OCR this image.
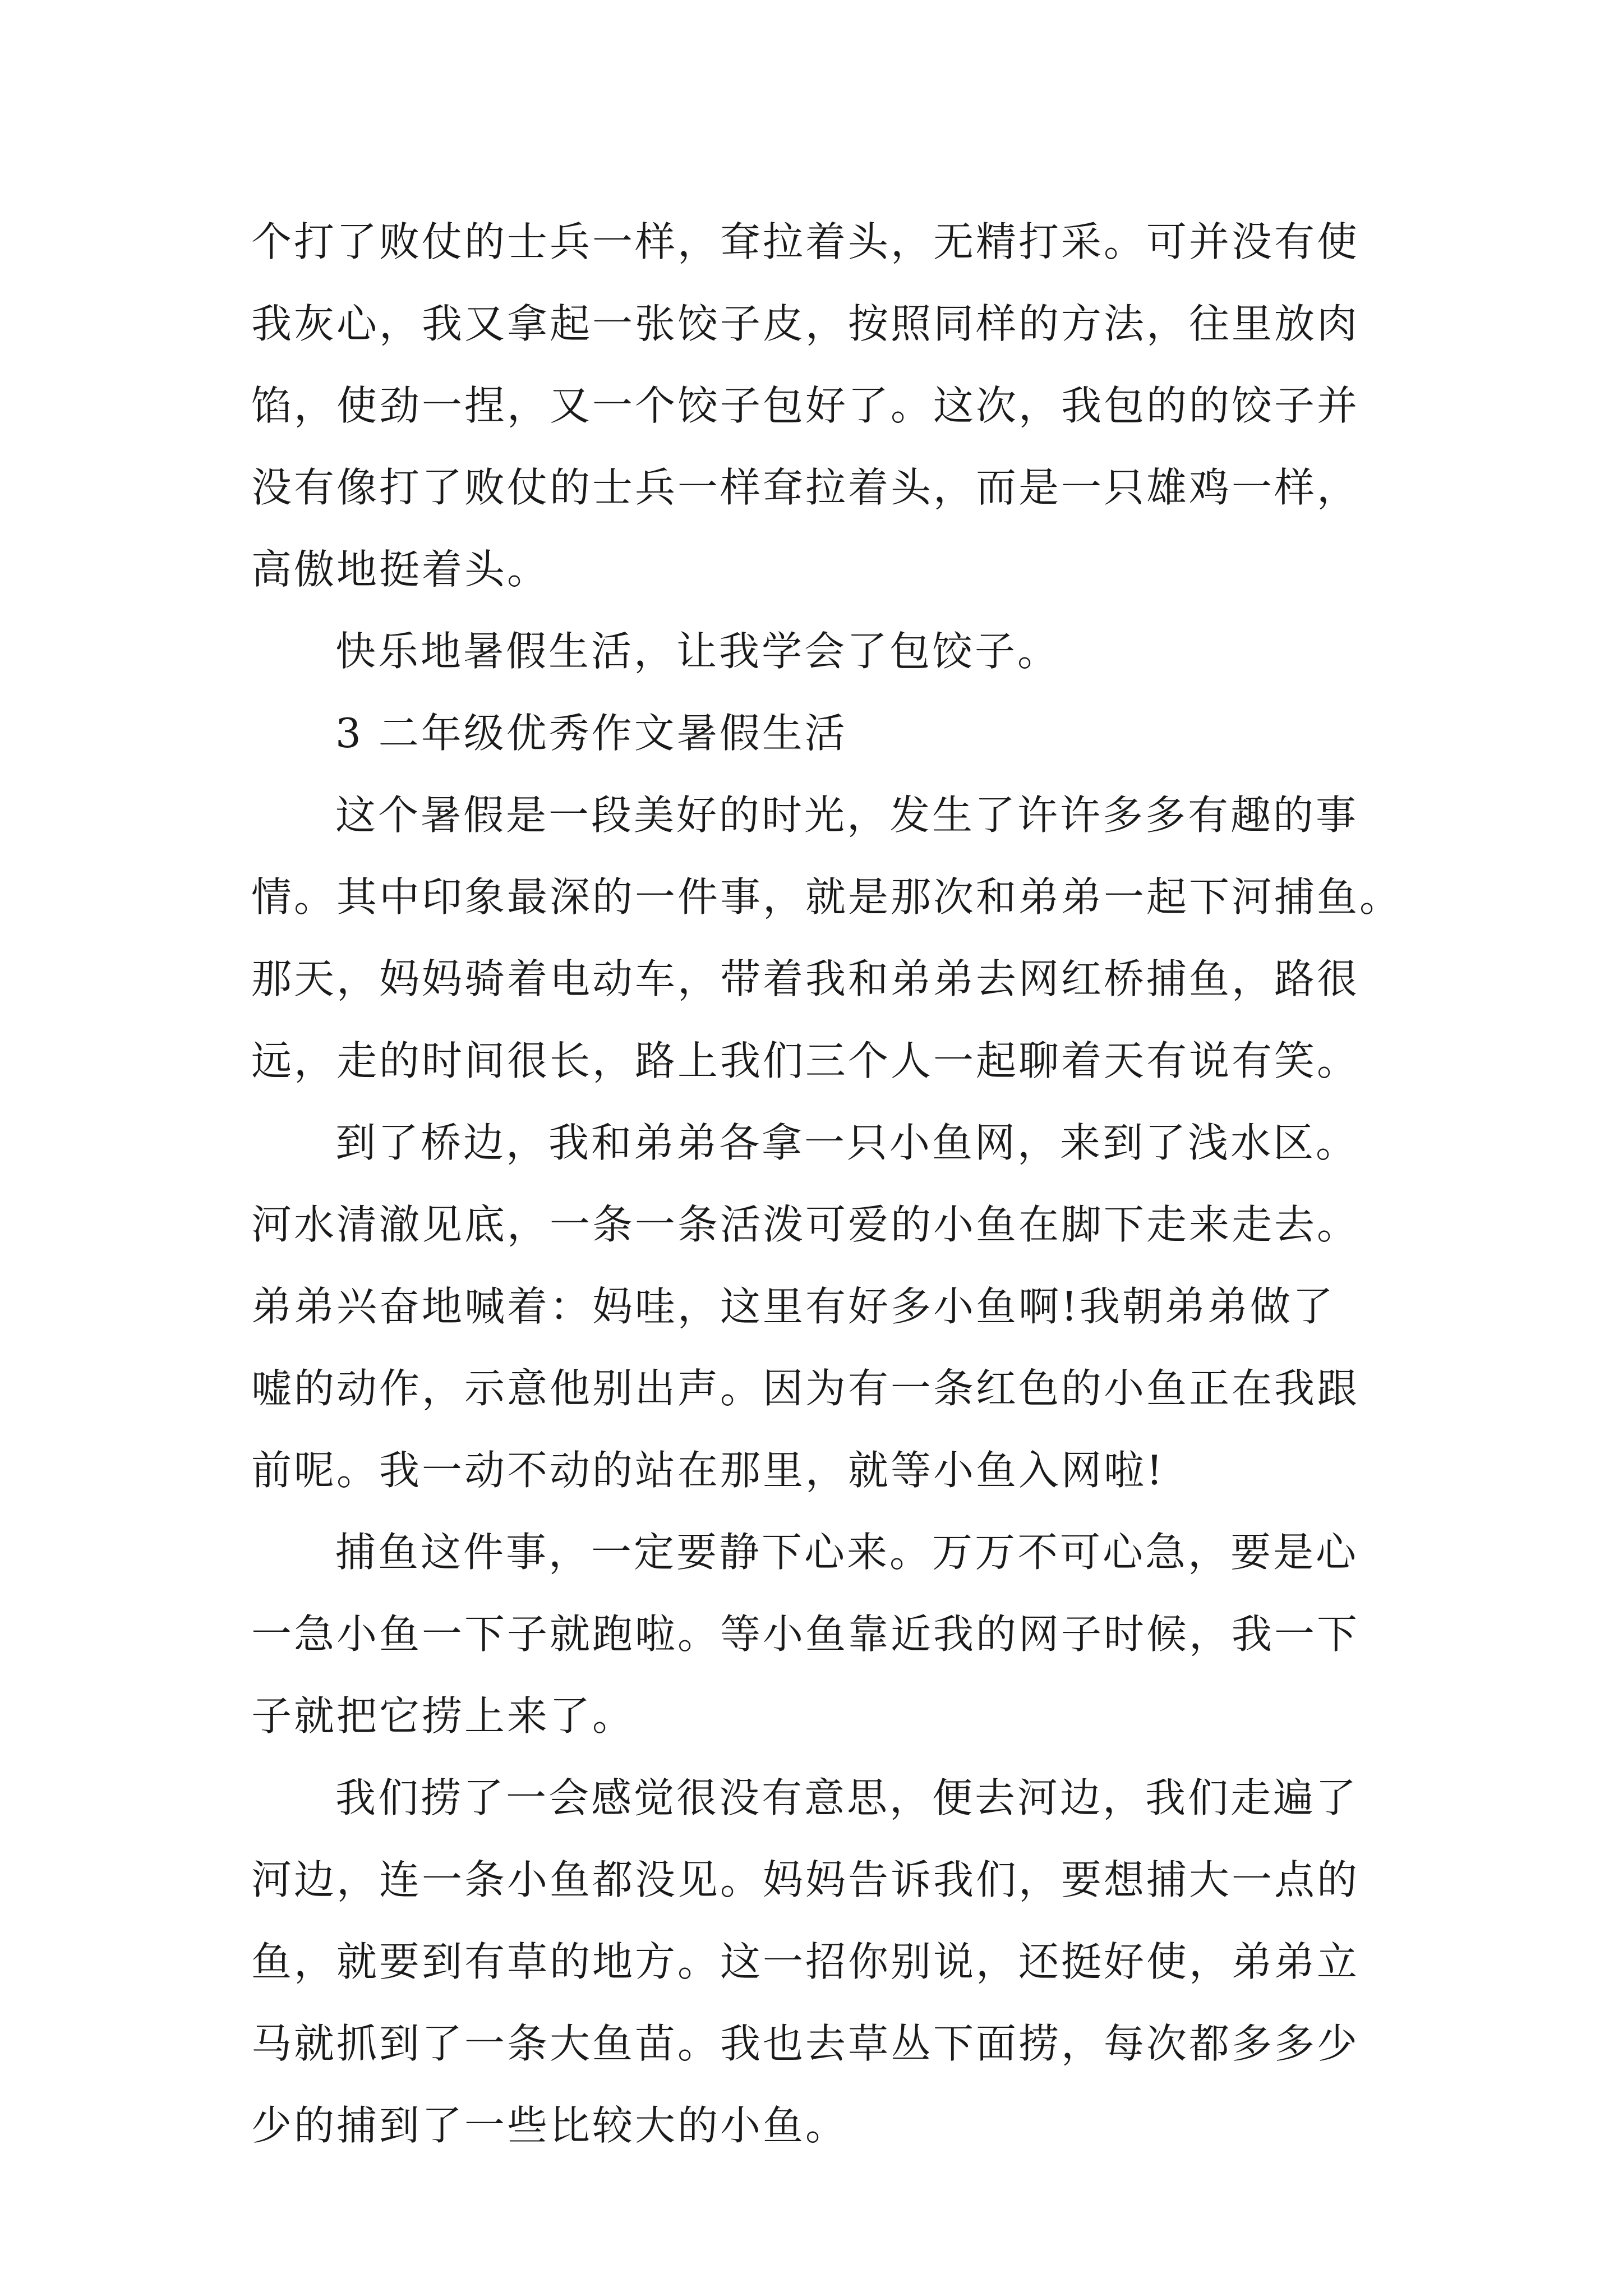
个打了败仗的士兵一样，耷拉着头，无精打采。可并没有使
我灰心，我又拿起一张饺子皮，按照同样的方法，往里放肉
馅，使劲一捏，又一个饺子包好了。这次，我包的的饺子并
没有像打了败仗的士兵一样耷拉着头，而是一只雄鸡一样，
高傲地挺着头。
快乐地暑假生活，让我学会了包饺子。
3 二年级优秀作文暑假生活
这个暑假是一段美好的时光，发生了许许多多有趣的事
情。其中印象最深的一件事，就是那次和弟弟一起下河捕鱼。
那天，妈妈骑着电动车，带着我和弟弟去网红桥捕鱼，路很
远，走的时间很长，路上我们三个人一起聊着天有说有笑。
到了桥边，我和弟弟各拿一只小鱼网，来到了浅水区。
河水清澈见底，一条一条活泼可爱的小鱼在脚下走来走去。
弟弟兴奋地喊着：妈哇，这里有好多小鱼啊!我朝弟弟做了
嘘的动作，示意他别出声。因为有一条红色的小鱼正在我跟
前呢。我一动不动的站在那里，就等小鱼入网啦!
捕鱼这件事，一定要静下心来。万万不可心急，要是心
一急小鱼一下子就跑啦。等小鱼靠近我的网子时候，我一下
子就把它捞上来了。
我们捞了一会感觉很没有意思，便去河边，我们走遍了
河边，连一条小鱼都没见。妈妈告诉我们，要想捕大一点的
鱼，就要到有草的地方。这一招你别说，还挺好使，弟弟立
马就抓到了一条大鱼苗。我也去草丛下面捞，每次都多多少
少的捕到了一些比较大的小鱼。
